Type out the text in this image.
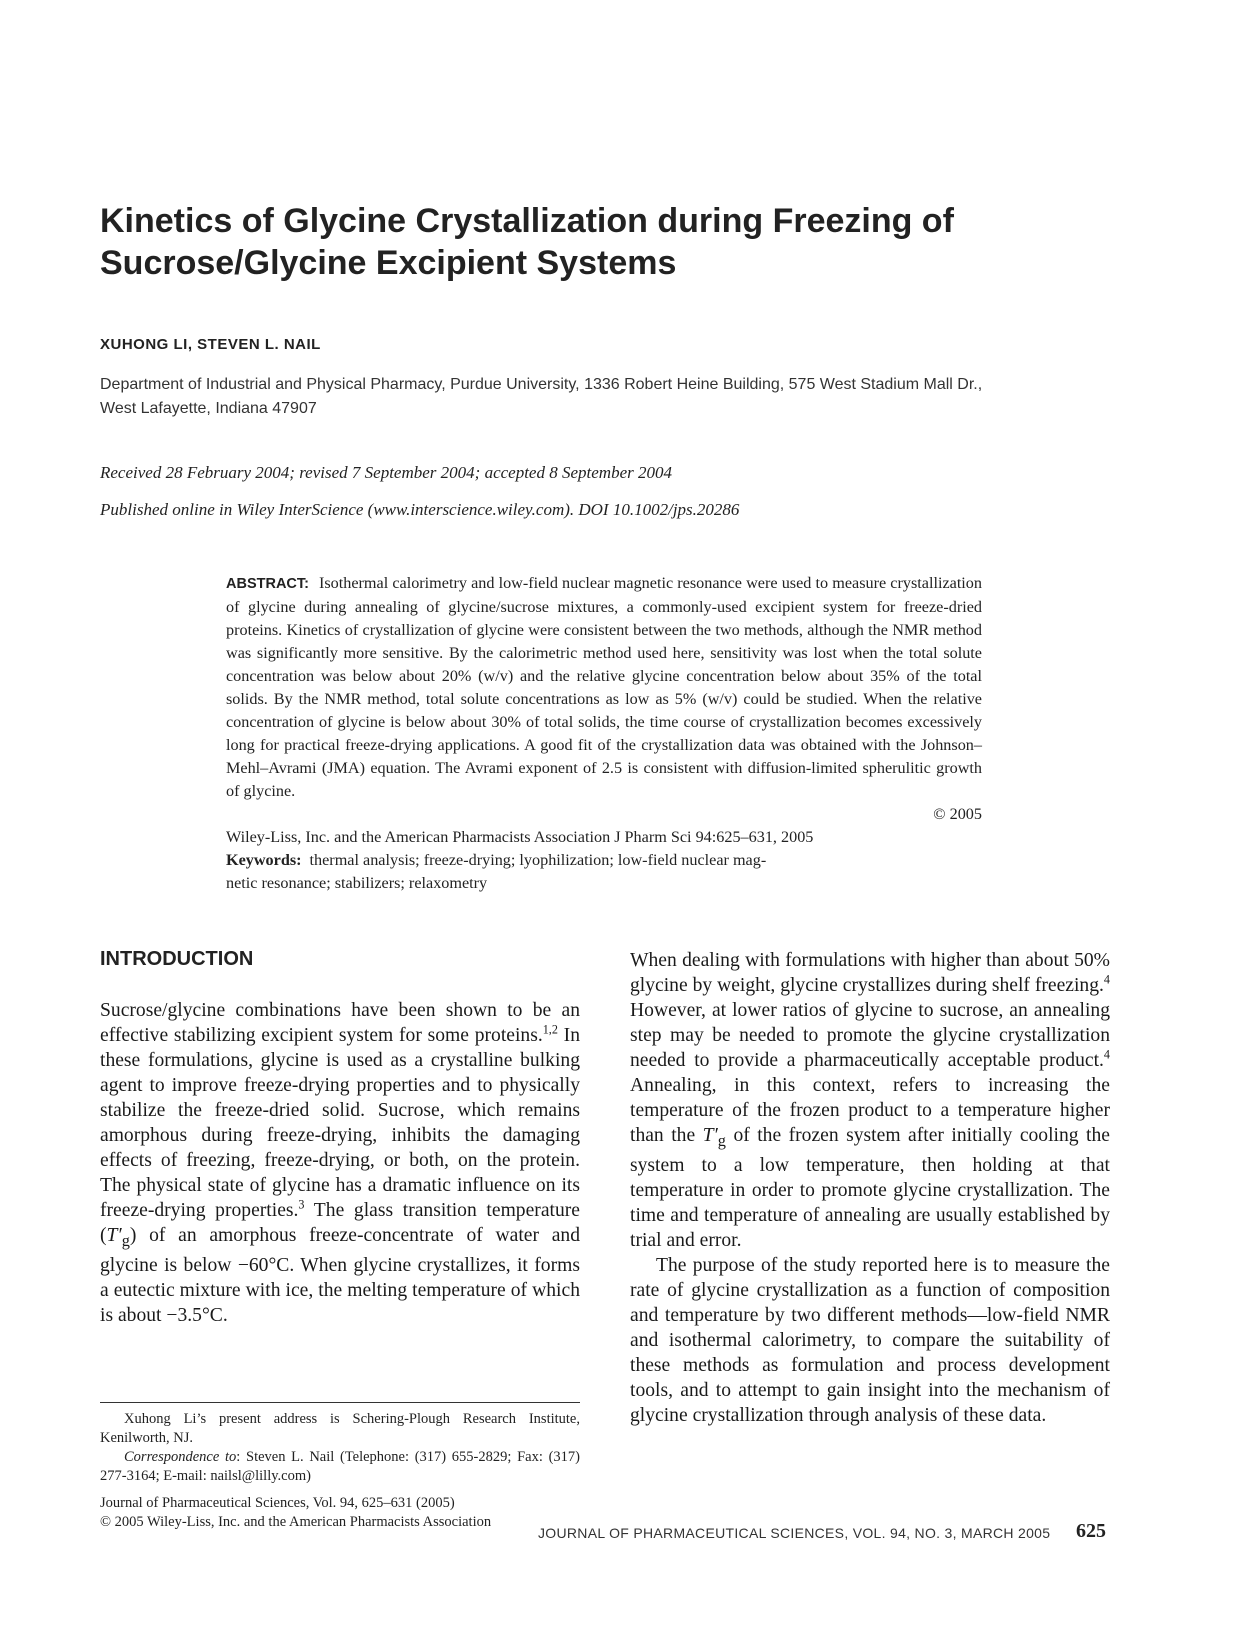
Kinetics of Glycine Crystallization during Freezing of
Sucrose/Glycine Excipient Systems
XUHONG LI, STEVEN L. NAIL
Department of Industrial and Physical Pharmacy, Purdue University, 1336 Robert Heine Building, 575 West Stadium Mall Dr.,
West Lafayette, Indiana 47907
Received 28 February 2004; revised 7 September 2004; accepted 8 September 2004
Published online in Wiley InterScience (www.interscience.wiley.com). DOI 10.1002/jps.20286
ABSTRACT: Isothermal calorimetry and low-field nuclear magnetic resonance were used to measure crystallization of glycine during annealing of glycine/sucrose mixtures, a commonly-used excipient system for freeze-dried proteins. Kinetics of crystallization of glycine were consistent between the two methods, although the NMR method was significantly more sensitive. By the calorimetric method used here, sensitivity was lost when the total solute concentration was below about 20% (w/v) and the relative glycine concentration below about 35% of the total solids. By the NMR method, total solute concentrations as low as 5% (w/v) could be studied. When the relative concentration of glycine is below about 30% of total solids, the time course of crystallization becomes excessively long for practical freeze-drying applications. A good fit of the crystallization data was obtained with the Johnson–Mehl–Avrami (JMA) equation. The Avrami exponent of 2.5 is consistent with diffusion-limited spherulitic growth of glycine.
© 2005
Wiley-Liss, Inc. and the American Pharmacists Association J Pharm Sci 94:625–631, 2005
Keywords: thermal analysis; freeze-drying; lyophilization; low-field nuclear mag-
netic resonance; stabilizers; relaxometry
INTRODUCTION

Sucrose/glycine combinations have been shown to be an effective stabilizing excipient system for some proteins.$^{1,2}$ In these formulations, glycine is used as a crystalline bulking agent to improve freeze-drying properties and to physically stabilize the freeze-dried solid. Sucrose, which remains amorphous during freeze-drying, inhibits the damaging effects of freezing, freeze-drying, or both, on the protein. The physical state of glycine has a dramatic influence on its freeze-drying properties.$^3$ The glass transition temperature $(T'_g)$ of an amorphous freeze-concentrate of water and glycine is below −60°C. When glycine crystallizes, it forms a eutectic mixture with ice, the melting temperature of which is about −3.5°C.

Xuhong Li’s present address is Schering-Plough Research Institute, Kenilworth, NJ.

Correspondence to: Steven L. Nail (Telephone: (317) 655-2829; Fax: (317) 277-3164; E-mail: nailsl@lilly.com)

Journal of Pharmaceutical Sciences, Vol. 94, 625–631 (2005)

© 2005 Wiley-Liss, Inc. and the American Pharmacists Association

When dealing with formulations with higher than about 50% glycine by weight, glycine crystallizes during shelf freezing.$^4$ However, at lower ratios of glycine to sucrose, an annealing step may be needed to promote the glycine crystallization needed to provide a pharmaceutically acceptable product.$^4$ Annealing, in this context, refers to increasing the temperature of the frozen product to a temperature higher than the $T'_g$ of the frozen system after initially cooling the system to a low temperature, then holding at that temperature in order to promote glycine crystallization. The time and temperature of annealing are usually established by trial and error.

The purpose of the study reported here is to measure the rate of glycine crystallization as a function of composition and temperature by two different methods—low-field NMR and isothermal calorimetry, to compare the suitability of these methods as formulation and process development tools, and to attempt to gain insight into the mechanism of glycine crystallization through analysis of these data.

JOURNAL OF PHARMACEUTICAL SCIENCES, VOL. 94, NO. 3, MARCH 2005 625
